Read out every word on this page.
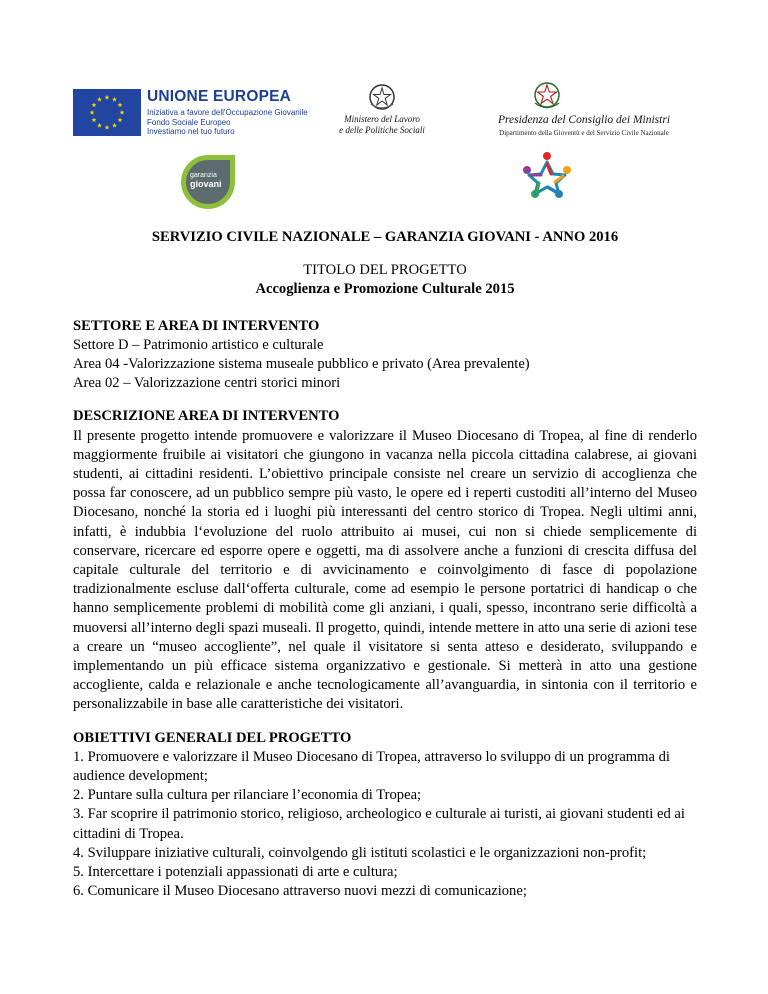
UNIONE EUROPEA
Iniziativa a favore dell'Occupazione Giovanile
Fondo Sociale Europeo
Investiamo nel tuo futuro
Ministero del Lavoro
e delle Politiche Sociali
Presidenza del Consiglio dei Ministri
Dipartimento della Gioventù e del Servizio Civile Nazionale
garanzia
giovani
SERVIZIO CIVILE NAZIONALE – GARANZIA GIOVANI - ANNO 2016
TITOLO DEL PROGETTO
Accoglienza e Promozione Culturale 2015
SETTORE E AREA DI INTERVENTO
Settore D – Patrimonio artistico e culturale
Area 04 -Valorizzazione sistema museale pubblico e privato (Area prevalente)
Area 02 – Valorizzazione centri storici minori
DESCRIZIONE AREA DI INTERVENTO
Il presente progetto intende promuovere e valorizzare il Museo Diocesano di Tropea, al fine di renderlo maggiormente fruibile ai visitatori che giungono in vacanza nella piccola cittadina calabrese, ai giovani studenti, ai cittadini residenti. L’obiettivo principale consiste nel creare un servizio di accoglienza che possa far conoscere, ad un pubblico sempre più vasto, le opere ed i reperti custoditi all’interno del Museo Diocesano, nonché la storia ed i luoghi più interessanti del centro storico di Tropea. Negli ultimi anni, infatti, è indubbia l‘evoluzione del ruolo attribuito ai musei, cui non si chiede semplicemente di conservare, ricercare ed esporre opere e oggetti, ma di assolvere anche a funzioni di crescita diffusa del capitale culturale del territorio e di avvicinamento e coinvolgimento di fasce di popolazione tradizionalmente escluse dall‘offerta culturale, come ad esempio le persone portatrici di handicap o che hanno semplicemente problemi di mobilità come gli anziani, i quali, spesso, incontrano serie difficoltà a muoversi all’interno degli spazi museali. Il progetto, quindi, intende mettere in atto una serie di azioni tese a creare un “museo accogliente”, nel quale il visitatore si senta atteso e desiderato, sviluppando e implementando un più efficace sistema organizzativo e gestionale. Si metterà in atto una gestione accogliente, calda e relazionale e anche tecnologicamente all’avanguardia, in sintonia con il territorio e personalizzabile in base alle caratteristiche dei visitatori.
OBIETTIVI GENERALI DEL PROGETTO
1. Promuovere e valorizzare il Museo Diocesano di Tropea, attraverso lo sviluppo di un programma di audience development;
2. Puntare sulla cultura per rilanciare l’economia di Tropea;
3. Far scoprire il patrimonio storico, religioso, archeologico e culturale ai turisti, ai giovani studenti ed ai cittadini di Tropea.
4. Sviluppare iniziative culturali, coinvolgendo gli istituti scolastici e le organizzazioni non-profit;
5. Intercettare i potenziali appassionati di arte e cultura;
6. Comunicare il Museo Diocesano attraverso nuovi mezzi di comunicazione;
